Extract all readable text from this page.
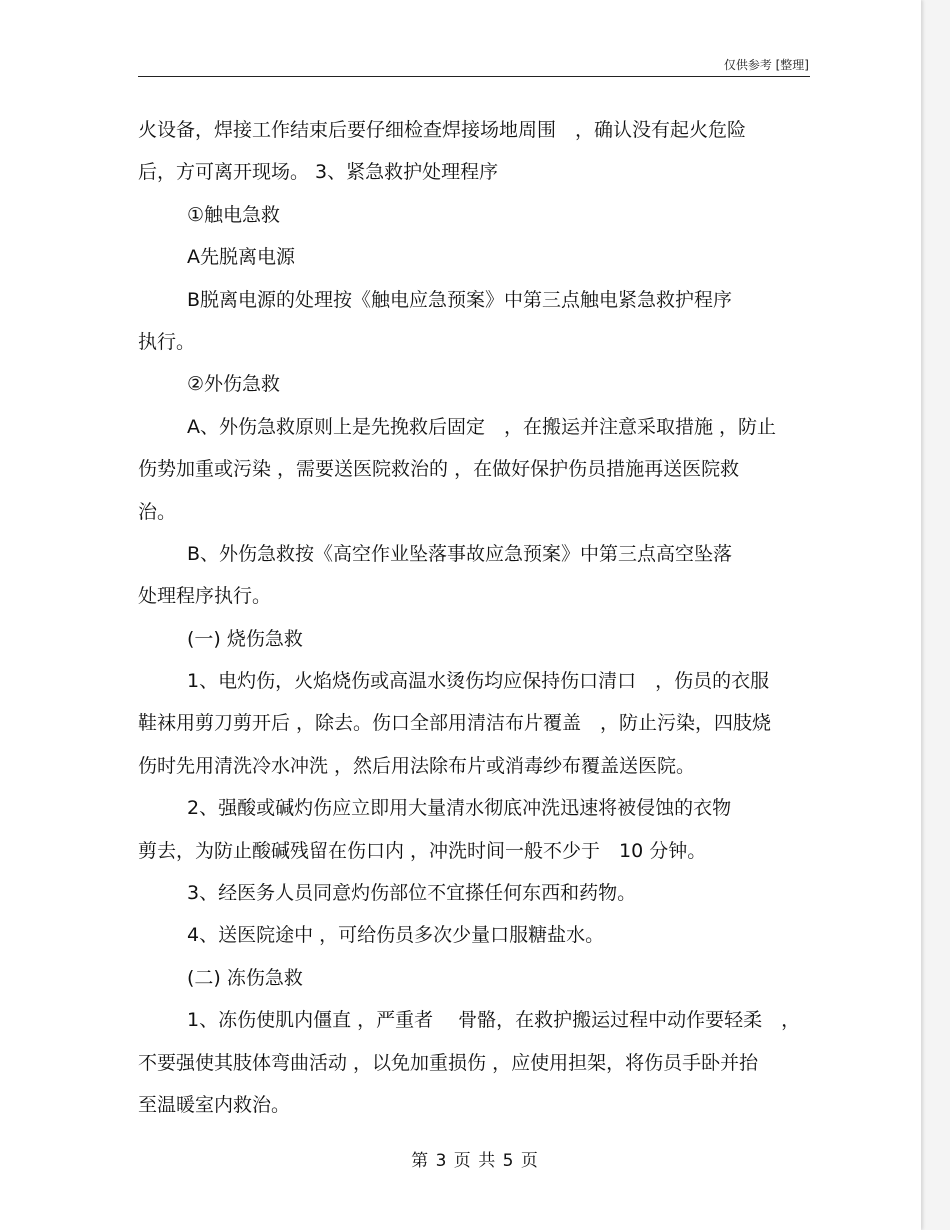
仅供参考 [整理]
火设备，焊接工作结束后要仔细检查焊接场地周围　，确认没有起火危险
后，方可离开现场。 3、紧急救护处理程序
①触电急救
A先脱离电源
B脱离电源的处理按《触电应急预案》中第三点触电紧急救护程序
执行。
②外伤急救
A、外伤急救原则上是先挽救后固定　，在搬运并注意采取措施 ，防止
伤势加重或污染 ，需要送医院救治的 ，在做好保护伤员措施再送医院救
治。
B、外伤急救按《高空作业坠落事故应急预案》中第三点高空坠落
处理程序执行。
(一) 烧伤急救
1、电灼伤，火焰烧伤或高温水烫伤均应保持伤口清口　，伤员的衣服
鞋袜用剪刀剪开后 ，除去。伤口全部用清洁布片覆盖　，防止污染，四肢烧
伤时先用清洗冷水冲洗 ，然后用法除布片或消毒纱布覆盖送医院。
2、强酸或碱灼伤应立即用大量清水彻底冲洗迅速将被侵蚀的衣物
剪去，为防止酸碱残留在伤口内 ，冲洗时间一般不少于　10 分钟。
3、经医务人员同意灼伤部位不宜搽任何东西和药物。
4、送医院途中 ，可给伤员多次少量口服糖盐水。
(二) 冻伤急救
1、冻伤使肌内僵直 ，严重者　 骨骼，在救护搬运过程中动作要轻柔　，
不要强使其肢体弯曲活动 ，以免加重损伤 ，应使用担架，将伤员手卧并抬
至温暖室内救治。
第 3 页 共 5 页
